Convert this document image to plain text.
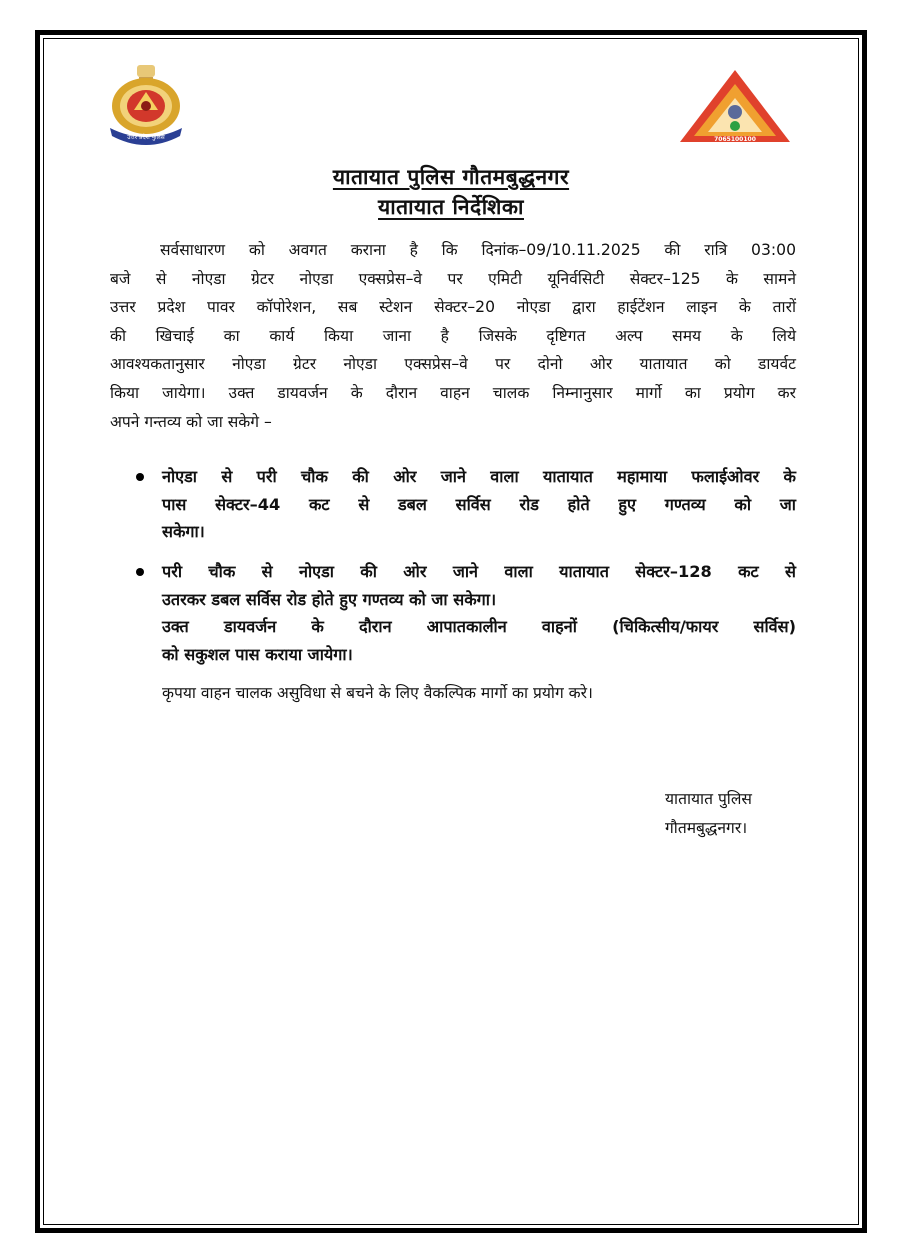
उत्तर प्रदेश पुलिस	7065100100
यातायात पुलिस गौतमबुद्धनगर
यातायात निर्देशिका
सर्वसाधारण को अवगत कराना है कि दिनांक–09/10.11.2025 की रात्रि 03:00
बजे से नोएडा ग्रेटर नोएडा एक्सप्रेस–वे पर एमिटी यूनिर्वसिटी सेक्टर–125 के सामने
उत्तर प्रदेश पावर कॉपोरेशन, सब स्टेशन सेक्टर–20 नोएडा द्वारा हाईटेंशन लाइन के तारों
की खिचाई का कार्य किया जाना है जिसके दृष्टिगत अल्प समय के लिये
आवश्यकतानुसार नोएडा ग्रेटर नोएडा एक्सप्रेस–वे पर दोनो ओर यातायात को डायर्वट
किया जायेगा। उक्त डायवर्जन के दौरान वाहन चालक निम्नानुसार मार्गो का प्रयोग कर
अपने गन्तव्य को जा सकेगे –
नोएडा से परी चौक की ओर जाने वाला यातायात महामाया फलाईओवर के
पास सेक्टर–44 कट से डबल सर्विस रोड होते हुए गण्तव्य को जा
सकेगा।
परी चौक से नोएडा की ओर जाने वाला यातायात सेक्टर–128 कट से
उतरकर डबल सर्विस रोड होते हुए गण्तव्य को जा सकेगा।
उक्त डायवर्जन के दौरान आपातकालीन वाहनों (चिकित्सीय/फायर सर्विस)
को सकुशल पास कराया जायेगा।
कृपया वाहन चालक असुविधा से बचने के लिए वैकल्पिक मार्गो का प्रयोग करे।
यातायात पुलिस
गौतमबुद्धनगर।
